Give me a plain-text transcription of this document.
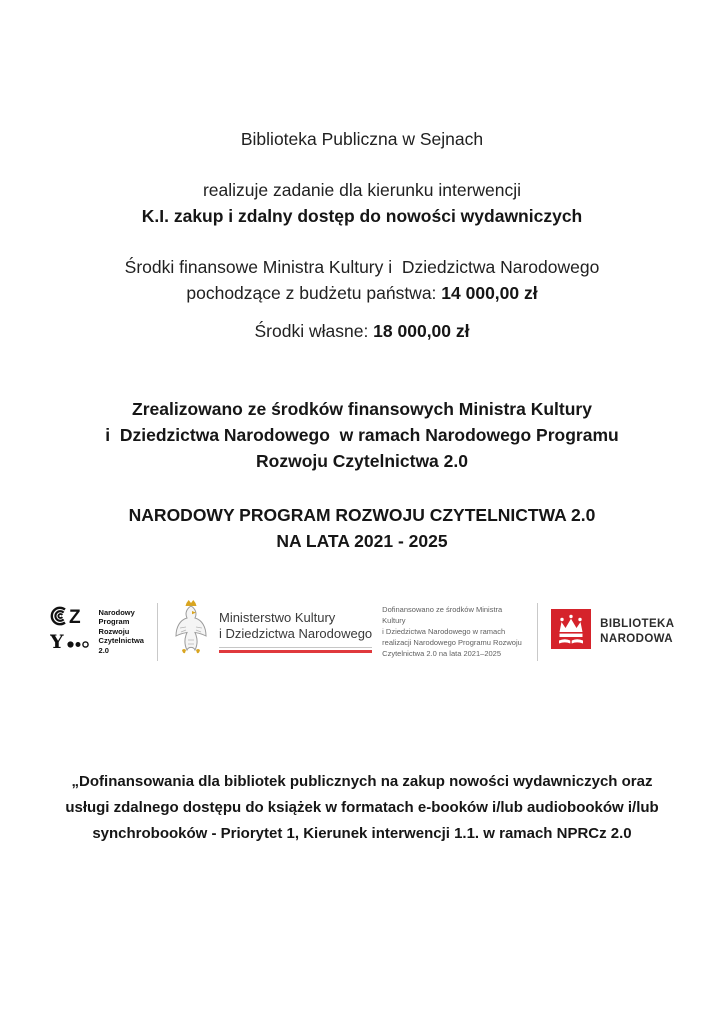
Biblioteka Publiczna w Sejnach
realizuje zadanie dla kierunku interwencji
K.I. zakup i zdalny dostęp do nowości wydawniczych
Środki finansowe Ministra Kultury i  Dziedzictwa Narodowego
pochodzące z budżetu państwa: 14 000,00 zł
Środki własne: 18 000,00 zł
Zrealizowano ze środków finansowych Ministra Kultury
i  Dziedzictwa Narodowego  w ramach Narodowego Programu
Rozwoju Czytelnictwa 2.0
NARODOWY PROGRAM ROZWOJU CZYTELNICTWA 2.0
NA LATA 2021 - 2025
Z
Y
Narodowy
Program
Rozwoju
Czytelnictwa
2.0
Ministerstwo Kultury
i Dziedzictwa Narodowego
Dofinansowano ze środków Ministra Kultury
i Dziedzictwa Narodowego w ramach
realizacji Narodowego Programu Rozwoju
Czytelnictwa 2.0 na lata 2021–2025
BIBLIOTEKA
NARODOWA
„Dofinansowania dla bibliotek publicznych na zakup nowości wydawniczych oraz
usługi zdalnego dostępu do książek w formatach e-booków i/lub audiobooków i/lub
synchrobooków - Priorytet 1, Kierunek interwencji 1.1. w ramach NPRCz 2.0
